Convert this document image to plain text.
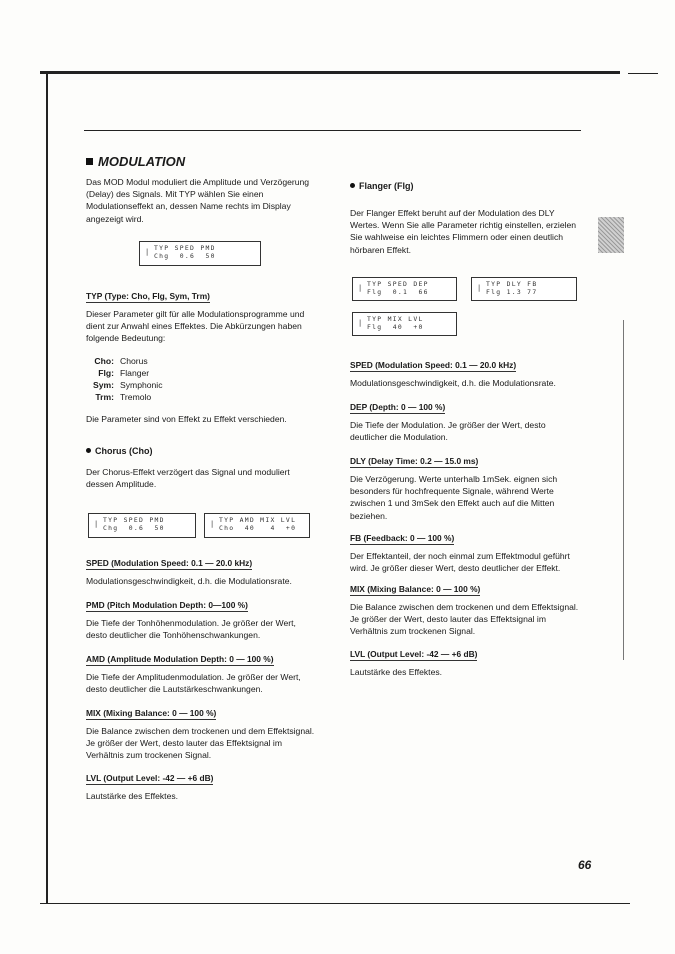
MODULATION

Das MOD Modul moduliert die Amplitude und Verzögerung (Delay) des Signals. Mit TYP wählen Sie einen Modulationseffekt an, dessen Name rechts im Display angezeigt wird.

| TYP SPED PMD
Chg  0.6  50
TYP (Type: Cho, Flg, Sym, Trm)

Dieser Parameter gilt für alle Modulationsprogramme und dient zur Anwahl eines Effektes. Die Abkürzungen haben folgende Bedeutung:

Cho: Chorus
Flg: Flanger
Sym: Symphonic
Trm: Tremolo

Die Parameter sind von Effekt zu Effekt verschieden.

Chorus (Cho)

Der Chorus-Effekt verzögert das Signal und moduliert dessen Amplitude.

| TYP SPED PMD
Chg  0.6  50	| TYP AMD MIX LVL
Cho  40   4  +0
SPED (Modulation Speed: 0.1 — 20.0 kHz)

Modulationsgeschwindigkeit, d.h. die Modulationsrate.

PMD (Pitch Modulation Depth: 0—100 %)

Die Tiefe der Tonhöhenmodulation. Je größer der Wert, desto deutlicher die Tonhöhenschwankungen.

AMD (Amplitude Modulation Depth: 0 — 100 %)

Die Tiefe der Amplitudenmodulation. Je größer der Wert, desto deutlicher die Lautstärkeschwankungen.

MIX (Mixing Balance: 0 — 100 %)

Die Balance zwischen dem trockenen und dem Effektsignal. Je größer der Wert, desto lauter das Effektsignal im Verhältnis zum trockenen Signal.

LVL (Output Level: -42 — +6 dB)

Lautstärke des Effektes.

Flanger (Flg)

Der Flanger Effekt beruht auf der Modulation des DLY Wertes. Wenn Sie alle Parameter richtig einstellen, erzielen Sie wahlweise ein leichtes Flimmern oder einen deutlich hörbaren Effekt.

| TYP SPED DEP
Flg  0.1  66	| TYP DLY FB
Flg 1.3 77
| TYP MIX LVL
Flg  40  +0
SPED (Modulation Speed: 0.1 — 20.0 kHz)

Modulationsgeschwindigkeit, d.h. die Modulationsrate.

DEP (Depth: 0 — 100 %)

Die Tiefe der Modulation. Je größer der Wert, desto deutlicher die Modulation.

DLY (Delay Time: 0.2 — 15.0 ms)

Die Verzögerung. Werte unterhalb 1mSek. eignen sich besonders für hochfrequente Signale, während Werte zwischen 1 und 3mSek den Effekt auch auf die Mitten beziehen.

FB (Feedback: 0 — 100 %)

Der Effektanteil, der noch einmal zum Effektmodul geführt wird. Je größer dieser Wert, desto deutlicher der Effekt.

MIX (Mixing Balance: 0 — 100 %)

Die Balance zwischen dem trockenen und dem Effektsignal. Je größer der Wert, desto lauter das Effektsignal im Verhältnis zum trockenen Signal.

LVL (Output Level: -42 — +6 dB)

Lautstärke des Effektes.

66
